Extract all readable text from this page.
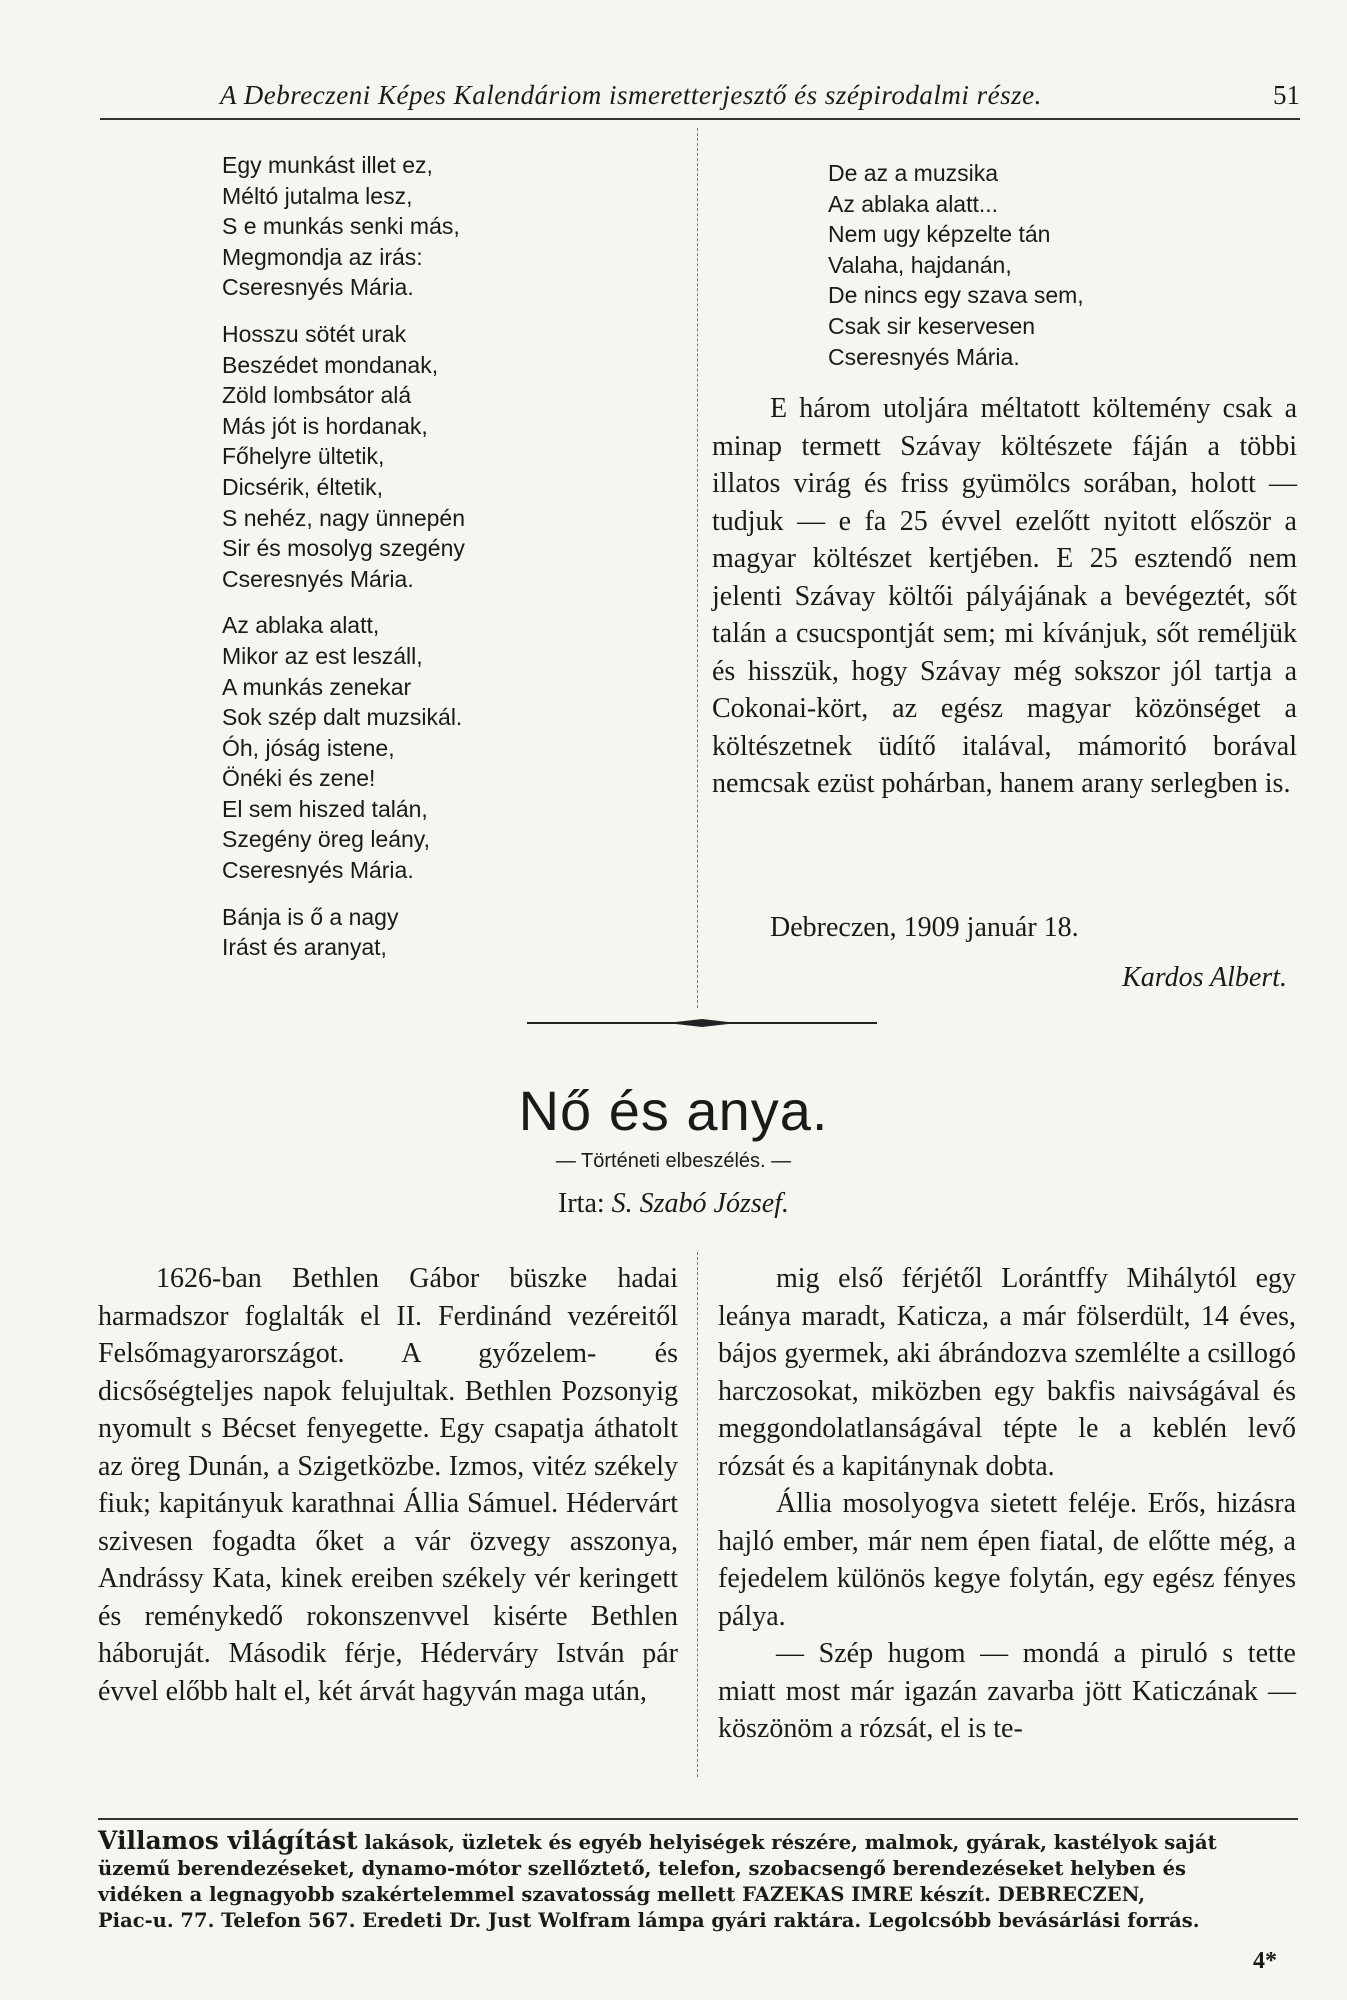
A Debreczeni Képes Kalendáriom ismeretterjesztő és szépirodalmi része.	51
Egy munkást illet ez,
Méltó jutalma lesz,
S e munkás senki más,
Megmondja az irás:
Cseresnyés Mária.
Hosszu sötét urak
Beszédet mondanak,
Zöld lombsátor alá
Más jót is hordanak,
Főhelyre ültetik,
Dicsérik, éltetik,
S nehéz, nagy ünnepén
Sir és mosolyg szegény
Cseresnyés Mária.
Az ablaka alatt,
Mikor az est leszáll,
A munkás zenekar
Sok szép dalt muzsikál.
Óh, jóság istene,
Önéki és zene!
El sem hiszed talán,
Szegény öreg leány,
Cseresnyés Mária.
Bánja is ő a nagy
Irást és aranyat,
De az a muzsika
Az ablaka alatt...
Nem ugy képzelte tán
Valaha, hajdanán,
De nincs egy szava sem,
Csak sir keservesen
Cseresnyés Mária.

E három utoljára méltatott költemény csak a minap termett Szávay költészete fáján a többi illatos virág és friss gyümölcs sorában, holott — tudjuk — e fa 25 évvel ezelőtt nyitott először a magyar költészet kertjében. E 25 esztendő nem jelenti Szávay költői pályájának a bevégeztét, sőt talán a csucspontját sem; mi kívánjuk, sőt reméljük és hisszük, hogy Szávay még sokszor jól tartja a Cokonai-kört, az egész magyar közönséget a költészetnek üdítő italával, mámoritó borával nemcsak ezüst pohárban, hanem arany serlegben is.

Debreczen, 1909 január 18.
Kardos Albert.
Nő és anya.
— Történeti elbeszélés. —
Irta: S. Szabó József.

1626-ban Bethlen Gábor büszke hadai harmadszor foglalták el II. Ferdinánd vezéreitől Felsőmagyarországot. A győzelem- és dicsőségteljes napok felujultak. Bethlen Pozsonyig nyomult s Bécset fenyegette. Egy csapatja áthatolt az öreg Dunán, a Szigetközbe. Izmos, vitéz székely fiuk; kapitányuk karathnai Állia Sámuel. Hédervárt szivesen fogadta őket a vár özvegy asszonya, Andrássy Kata, kinek ereiben székely vér keringett és reménykedő rokonszenvvel kisérte Bethlen háboruját. Második férje, Hédervárу István pár évvel előbb halt el, két árvát hagyván maga után,

mig első férjétől Lorántffy Mihálytól egy leánya maradt, Katicza, a már fölserdült, 14 éves, bájos gyermek, aki ábrándozva szemlélte a csillogó harczosokat, miközben egy bakfis naivságával és meggondolatlanságával tépte le a keblén levő rózsát és a kapitánynak dobta.

Állia mosolyogva sietett feléje. Erős, hizásra hajló ember, már nem épen fiatal, de előtte még, a fejedelem különös kegye folytán, egy egész fényes pálya.

— Szép hugom — mondá a piruló s tette miatt most már igazán zavarba jött Katiczának — köszönöm a rózsát, el is te-

Villamos világítást lakások, üzletek és egyéb helyiségek részére, malmok, gyárak, kastélyok saját
üzemű berendezéseket, dynamo-mótor szellőztető, telefon, szobacsengő berendezéseket helyben és
vidéken a legnagyobb szakértelemmel szavatosság mellett FAZEKAS IMRE készít. DEBRECZEN,
Piac-u. 77. Telefon 567. Eredeti Dr. Just Wolfram lámpa gyári raktára. Legolcsóbb bevásárlási forrás.
4*
